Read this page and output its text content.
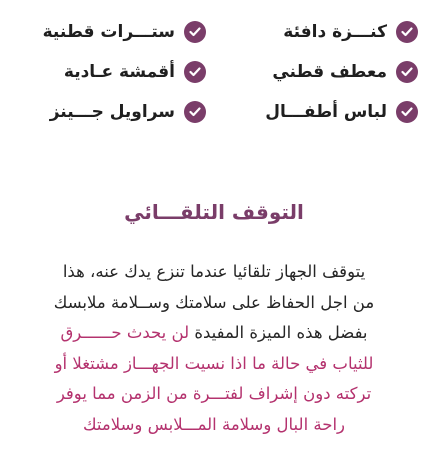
كنـــزة دافئة
معطف قطني
لباس أطفـــال
ستـــرات قطنية
أقمشة عـادية
سراويل جـــينز
التوقف التلقـــائي

يتوقف الجهاز تلقائيا عندما تنزع يدك عنه، هذا
من اجل الحفاظ على سلامتك وســلامة ملابسك
بفضل هذه الميزة المفيدة لن يحدث حــــــرق
للثياب في حالة ما اذا نسيت الجهـــاز مشتغلا أو
تركته دون إشراف لفتـــرة من الزمن مما يوفر
راحة البال وسلامة المـــلابس وسلامتك
